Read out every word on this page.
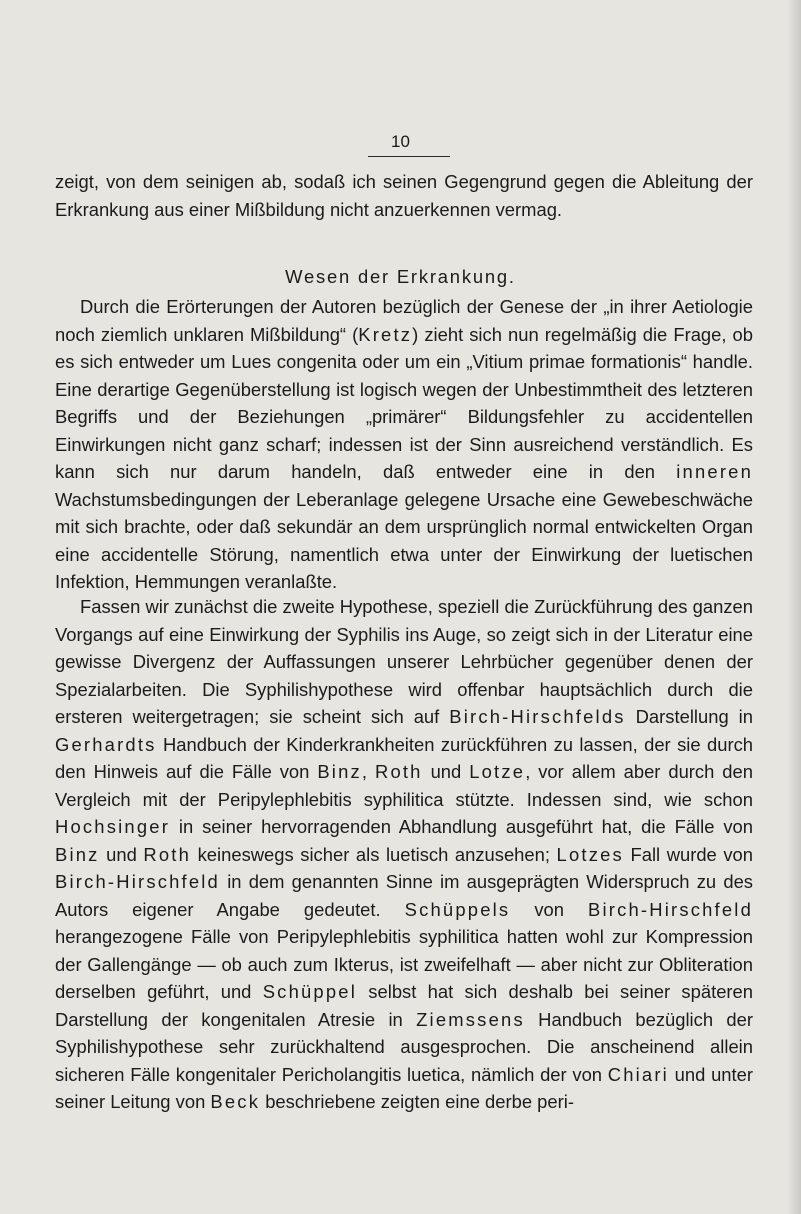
10

zeigt, von dem seinigen ab, sodaß ich seinen Gegengrund gegen die Ableitung der Erkrankung aus einer Mißbildung nicht anzuerkennen vermag.

Wesen der Erkrankung.

Durch die Erörterungen der Autoren bezüglich der Genese der „in ihrer Aetiologie noch ziemlich unklaren Mißbildung“ (Kretz) zieht sich nun regelmäßig die Frage, ob es sich entweder um Lues congenita oder um ein „Vitium primae formationis“ handle. Eine derartige Gegenüberstellung ist logisch wegen der Unbestimmtheit des letzteren Begriffs und der Beziehungen „primärer“ Bildungsfehler zu accidentellen Einwirkungen nicht ganz scharf; indessen ist der Sinn ausreichend verständlich. Es kann sich nur darum handeln, daß entweder eine in den inneren Wachstumsbedingungen der Leberanlage gelegene Ursache eine Gewebeschwäche mit sich brachte, oder daß sekundär an dem ursprünglich normal entwickelten Organ eine accidentelle Störung, namentlich etwa unter der Einwirkung der luetischen Infektion, Hemmungen veranlaßte.

Fassen wir zunächst die zweite Hypothese, speziell die Zurückführung des ganzen Vorgangs auf eine Einwirkung der Syphilis ins Auge, so zeigt sich in der Literatur eine gewisse Divergenz der Auffassungen unserer Lehrbücher gegenüber denen der Spezialarbeiten. Die Syphilishypothese wird offenbar hauptsächlich durch die ersteren weitergetragen; sie scheint sich auf Birch-Hirschfelds Darstellung in Gerhardts Handbuch der Kinderkrankheiten zurückführen zu lassen, der sie durch den Hinweis auf die Fälle von Binz, Roth und Lotze, vor allem aber durch den Vergleich mit der Peripylephlebitis syphilitica stützte. Indessen sind, wie schon Hochsinger in seiner hervorragenden Abhandlung ausgeführt hat, die Fälle von Binz und Roth keineswegs sicher als luetisch anzusehen; Lotzes Fall wurde von Birch-Hirschfeld in dem genannten Sinne im ausgeprägten Widerspruch zu des Autors eigener Angabe gedeutet. Schüppels von Birch-Hirschfeld herangezogene Fälle von Peripylephlebitis syphilitica hatten wohl zur Kompression der Gallengänge — ob auch zum Ikterus, ist zweifelhaft — aber nicht zur Obliteration derselben geführt, und Schüppel selbst hat sich deshalb bei seiner späteren Darstellung der kongenitalen Atresie in Ziemssens Handbuch bezüglich der Syphilishypothese sehr zurückhaltend ausgesprochen. Die anscheinend allein sicheren Fälle kongenitaler Pericholangitis luetica, nämlich der von Chiari und unter seiner Leitung von Beck beschriebene zeigten eine derbe peri-
